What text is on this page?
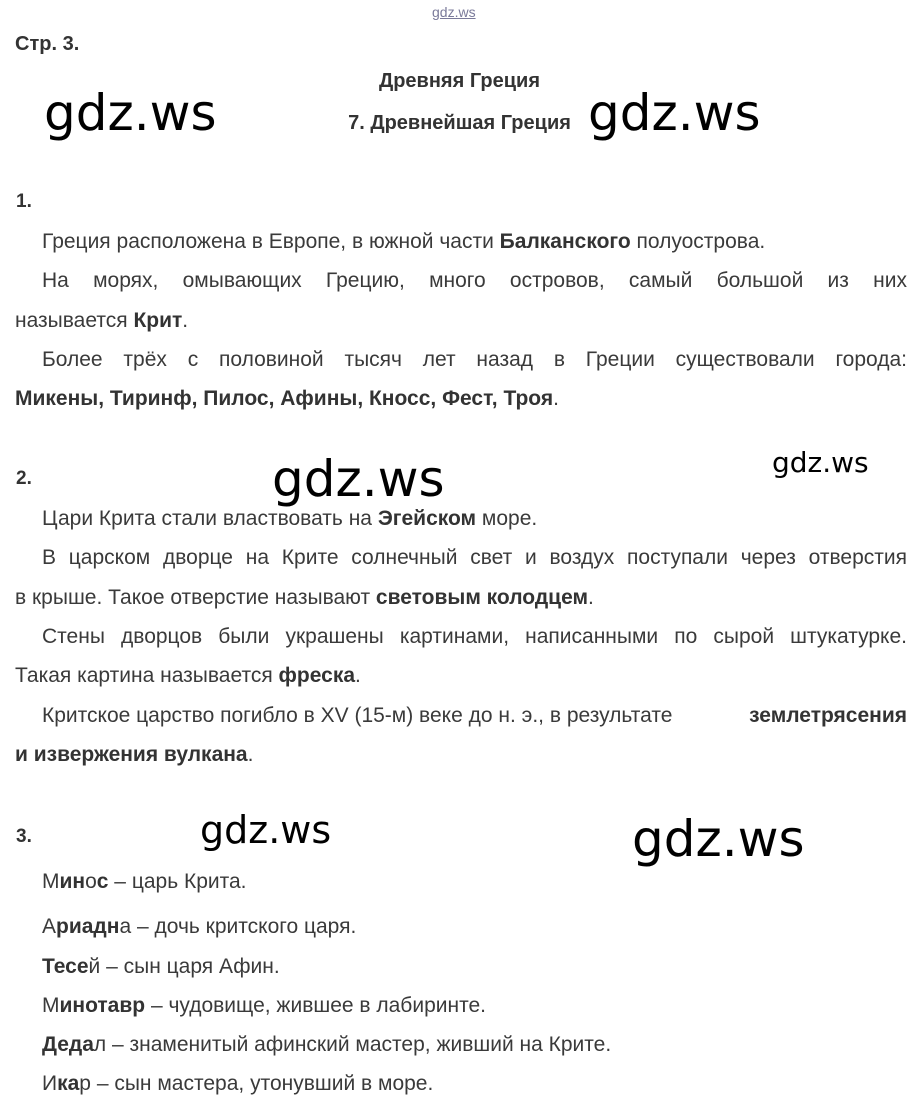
gdz.ws
Стр. 3.
Древняя Греция
7. Древнейшая Греция
gdz.ws	gdz.ws
1.
Греция расположена в Европе, в южной части Балканского полуострова.
На морях, омывающих Грецию, много островов, самый большой из них
называется Крит.
Более трёх с половиной тысяч лет назад в Греции существовали города:
Микены, Тиринф, Пилос, Афины, Кносс, Фест, Троя.
gdz.ws	gdz.ws
2.
Цари Крита стали властвовать на Эгейском море.
В царском дворце на Крите солнечный свет и воздух поступали через отверстия
в крыше. Такое отверстие называют световым колодцем.
Стены дворцов были украшены картинами, написанными по сырой штукатурке.
Такая картина называется фреска.
Критское царство погибло в XV (15-м) веке до н. э., в результате	землетрясения
и извержения вулкана.
gdz.ws	gdz.ws
3.
Минос – царь Крита.
Ариадна – дочь критского царя.
Тесей – сын царя Афин.
Минотавр – чудовище, жившее в лабиринте.
Дедал – знаменитый афинский мастер, живший на Крите.
Икар – сын мастера, утонувший в море.
